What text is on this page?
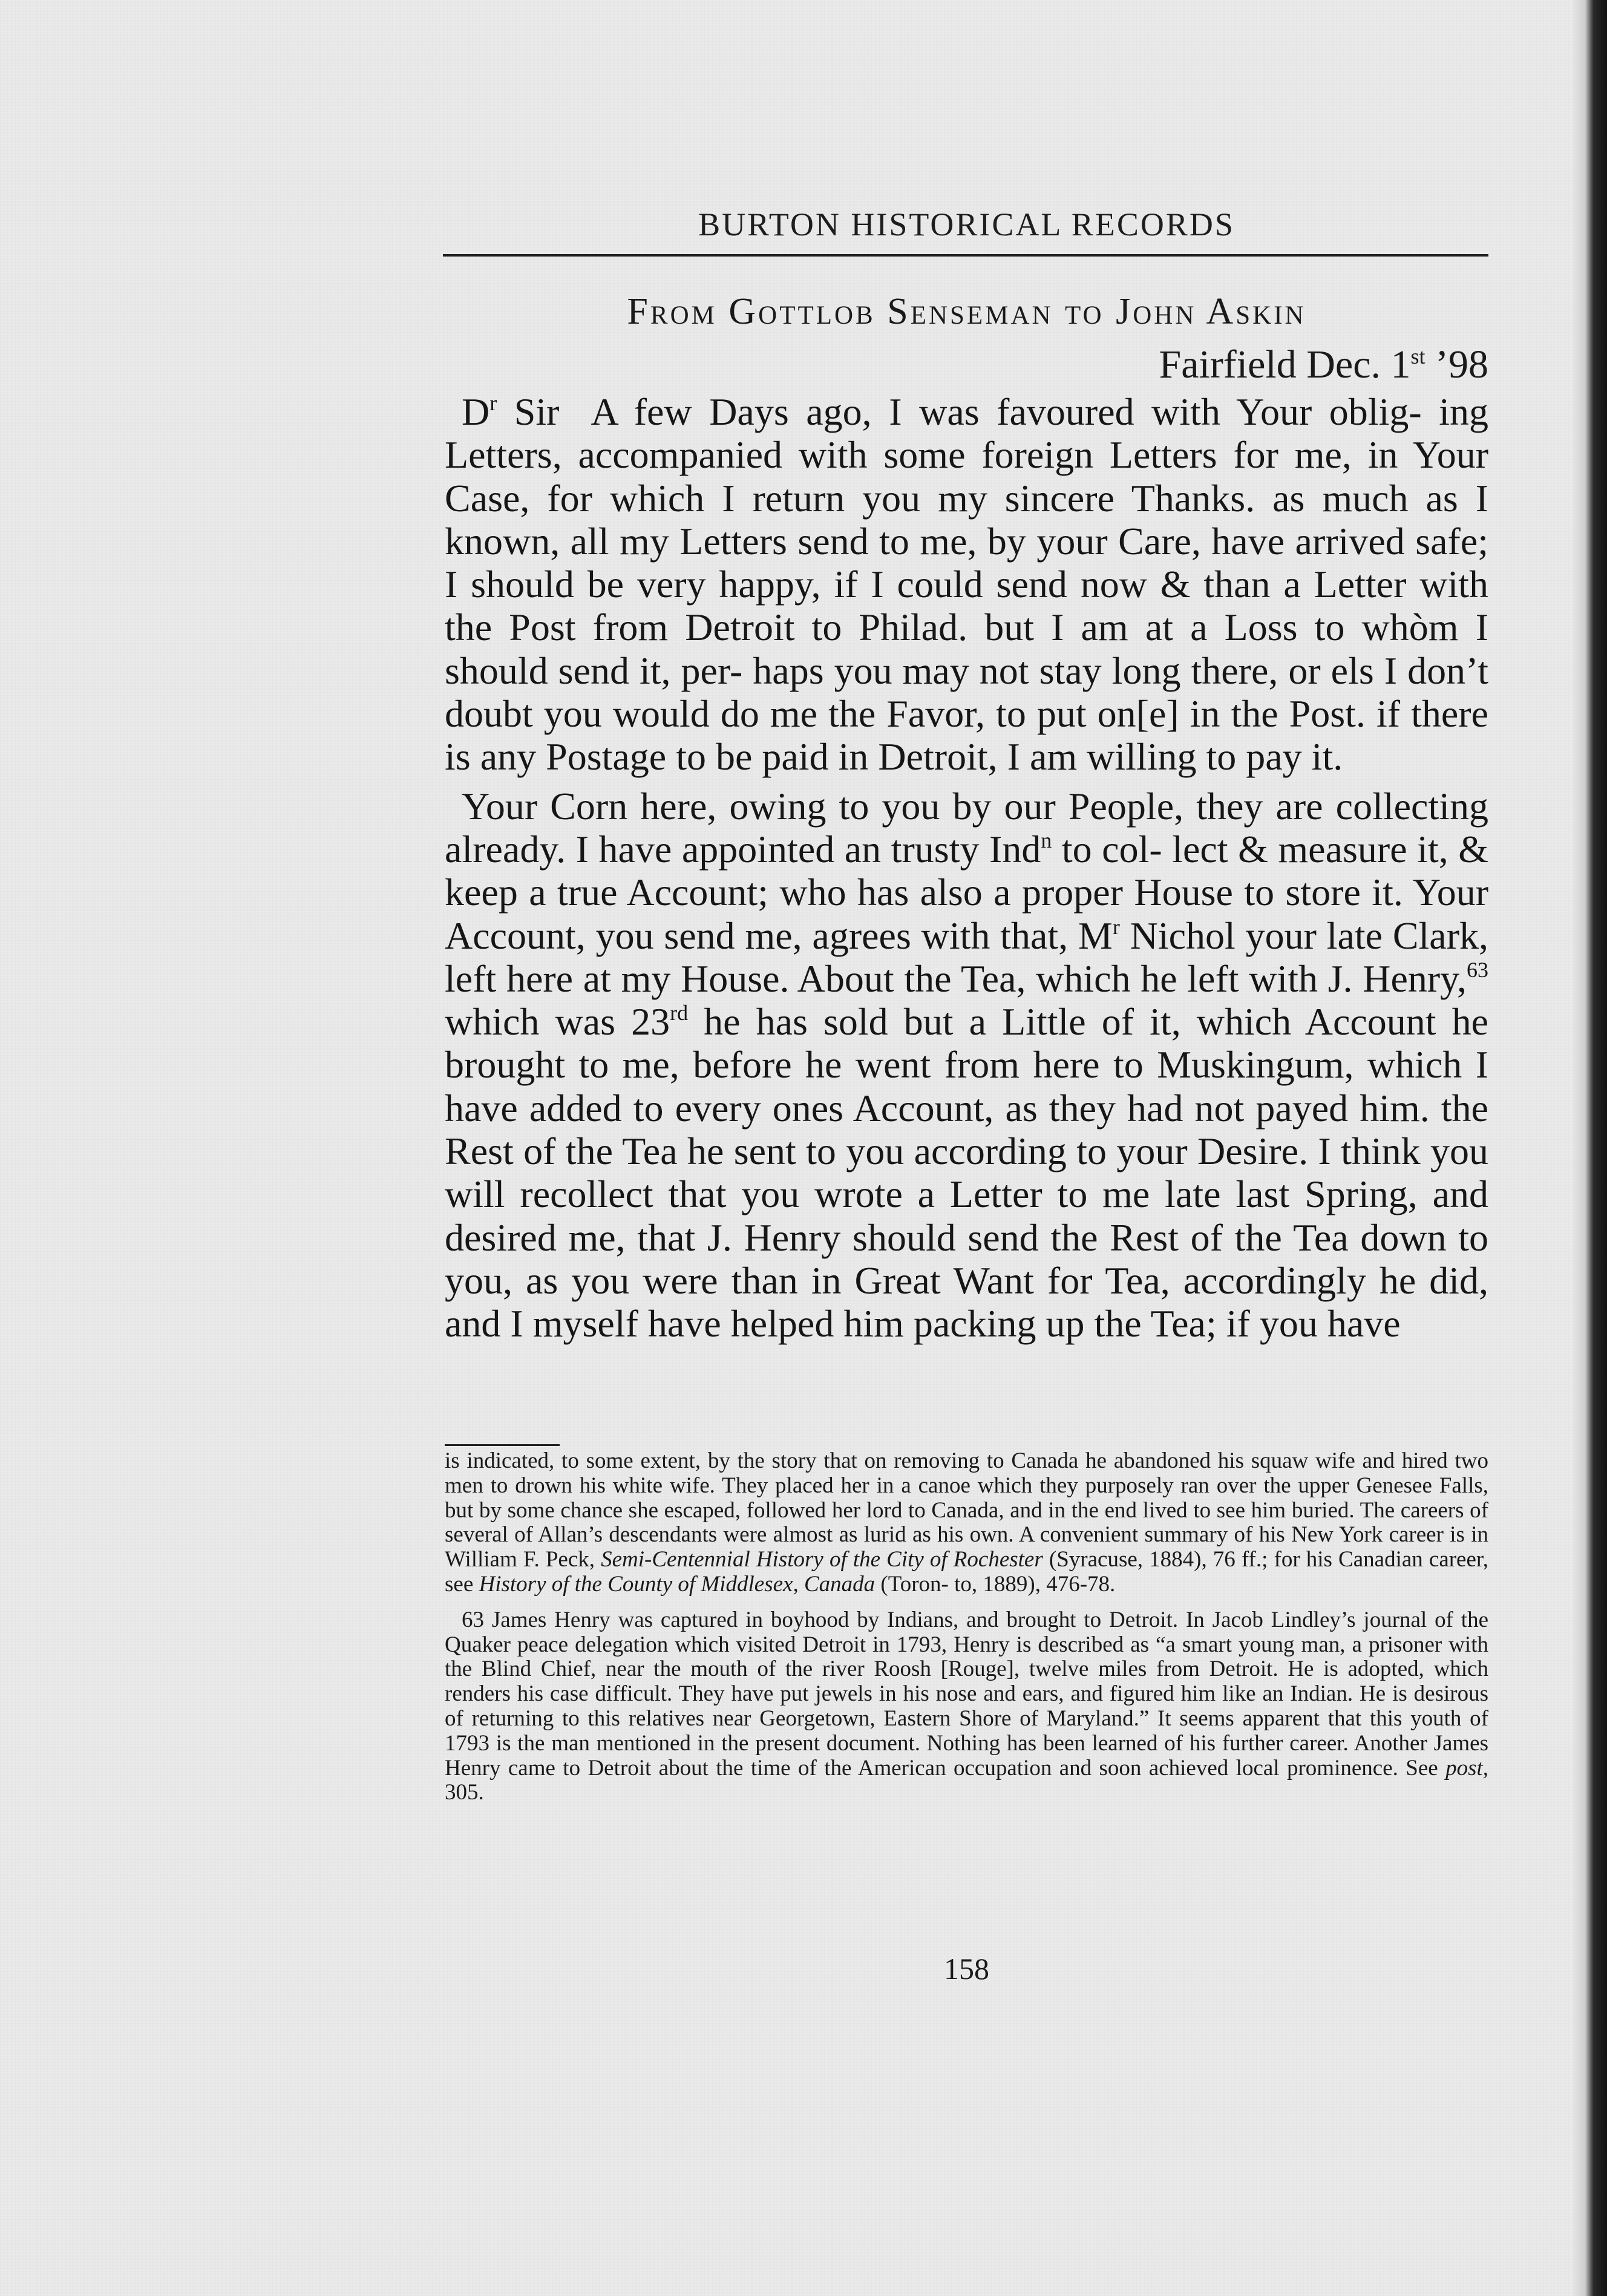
BURTON HISTORICAL RECORDS
From Gottlob Senseman to John Askin
Fairfield Dec. 1st ’98

$D^r$ Sir A few Days ago, I was favoured with Your oblig- ing Letters, accompanied with some foreign Letters for me, in Your Case, for which I return you my sincere Thanks. as much as I known, all my Letters send to me, by your Care, have arrived safe; I should be very happy, if I could send now & than a Letter with the Post from Detroit to Philad. but I am at a Loss to whòm I should send it, per- haps you may not stay long there, or els I don’t doubt you would do me the Favor, to put on[e] in the Post. if there is any Postage to be paid in Detroit, I am willing to pay it.

Your Corn here, owing to you by our People, they are collecting already. I have appointed an trusty Ind$^n$ to col- lect & measure it, & keep a true Account; who has also a proper House to store it. Your Account, you send me, agrees with that, $M^r$ Nichol your late Clark, left here at my House. About the Tea, which he left with J. Henry,$^{63}$ which was 23rd he has sold but a Little of it, which Account he brought to me, before he went from here to Muskingum, which I have added to every ones Account, as they had not payed him. the Rest of the Tea he sent to you according to your Desire. I think you will recollect that you wrote a Letter to me late last Spring, and desired me, that J. Henry should send the Rest of the Tea down to you, as you were than in Great Want for Tea, accordingly he did, and I myself have helped him packing up the Tea; if you have

is indicated, to some extent, by the story that on removing to Canada he abandoned his squaw wife and hired two men to drown his white wife. They placed her in a canoe which they purposely ran over the upper Genesee Falls, but by some chance she escaped, followed her lord to Canada, and in the end lived to see him buried. The careers of several of Allan’s descendants were almost as lurid as his own. A convenient summary of his New York career is in William F. Peck, Semi-Centennial History of the City of Rochester (Syracuse, 1884), 76 ff.; for his Canadian career, see History of the County of Middlesex, Canada (Toron- to, 1889), 476-78.

63 James Henry was captured in boyhood by Indians, and brought to Detroit. In Jacob Lindley’s journal of the Quaker peace delegation which visited Detroit in 1793, Henry is described as “a smart young man, a prisoner with the Blind Chief, near the mouth of the river Roosh [Rouge], twelve miles from Detroit. He is adopted, which renders his case difficult. They have put jewels in his nose and ears, and figured him like an Indian. He is desirous of returning to this relatives near Georgetown, Eastern Shore of Maryland.” It seems apparent that this youth of 1793 is the man mentioned in the present document. Nothing has been learned of his further career. Another James Henry came to Detroit about the time of the American occupation and soon achieved local prominence. See post, 305.

158
